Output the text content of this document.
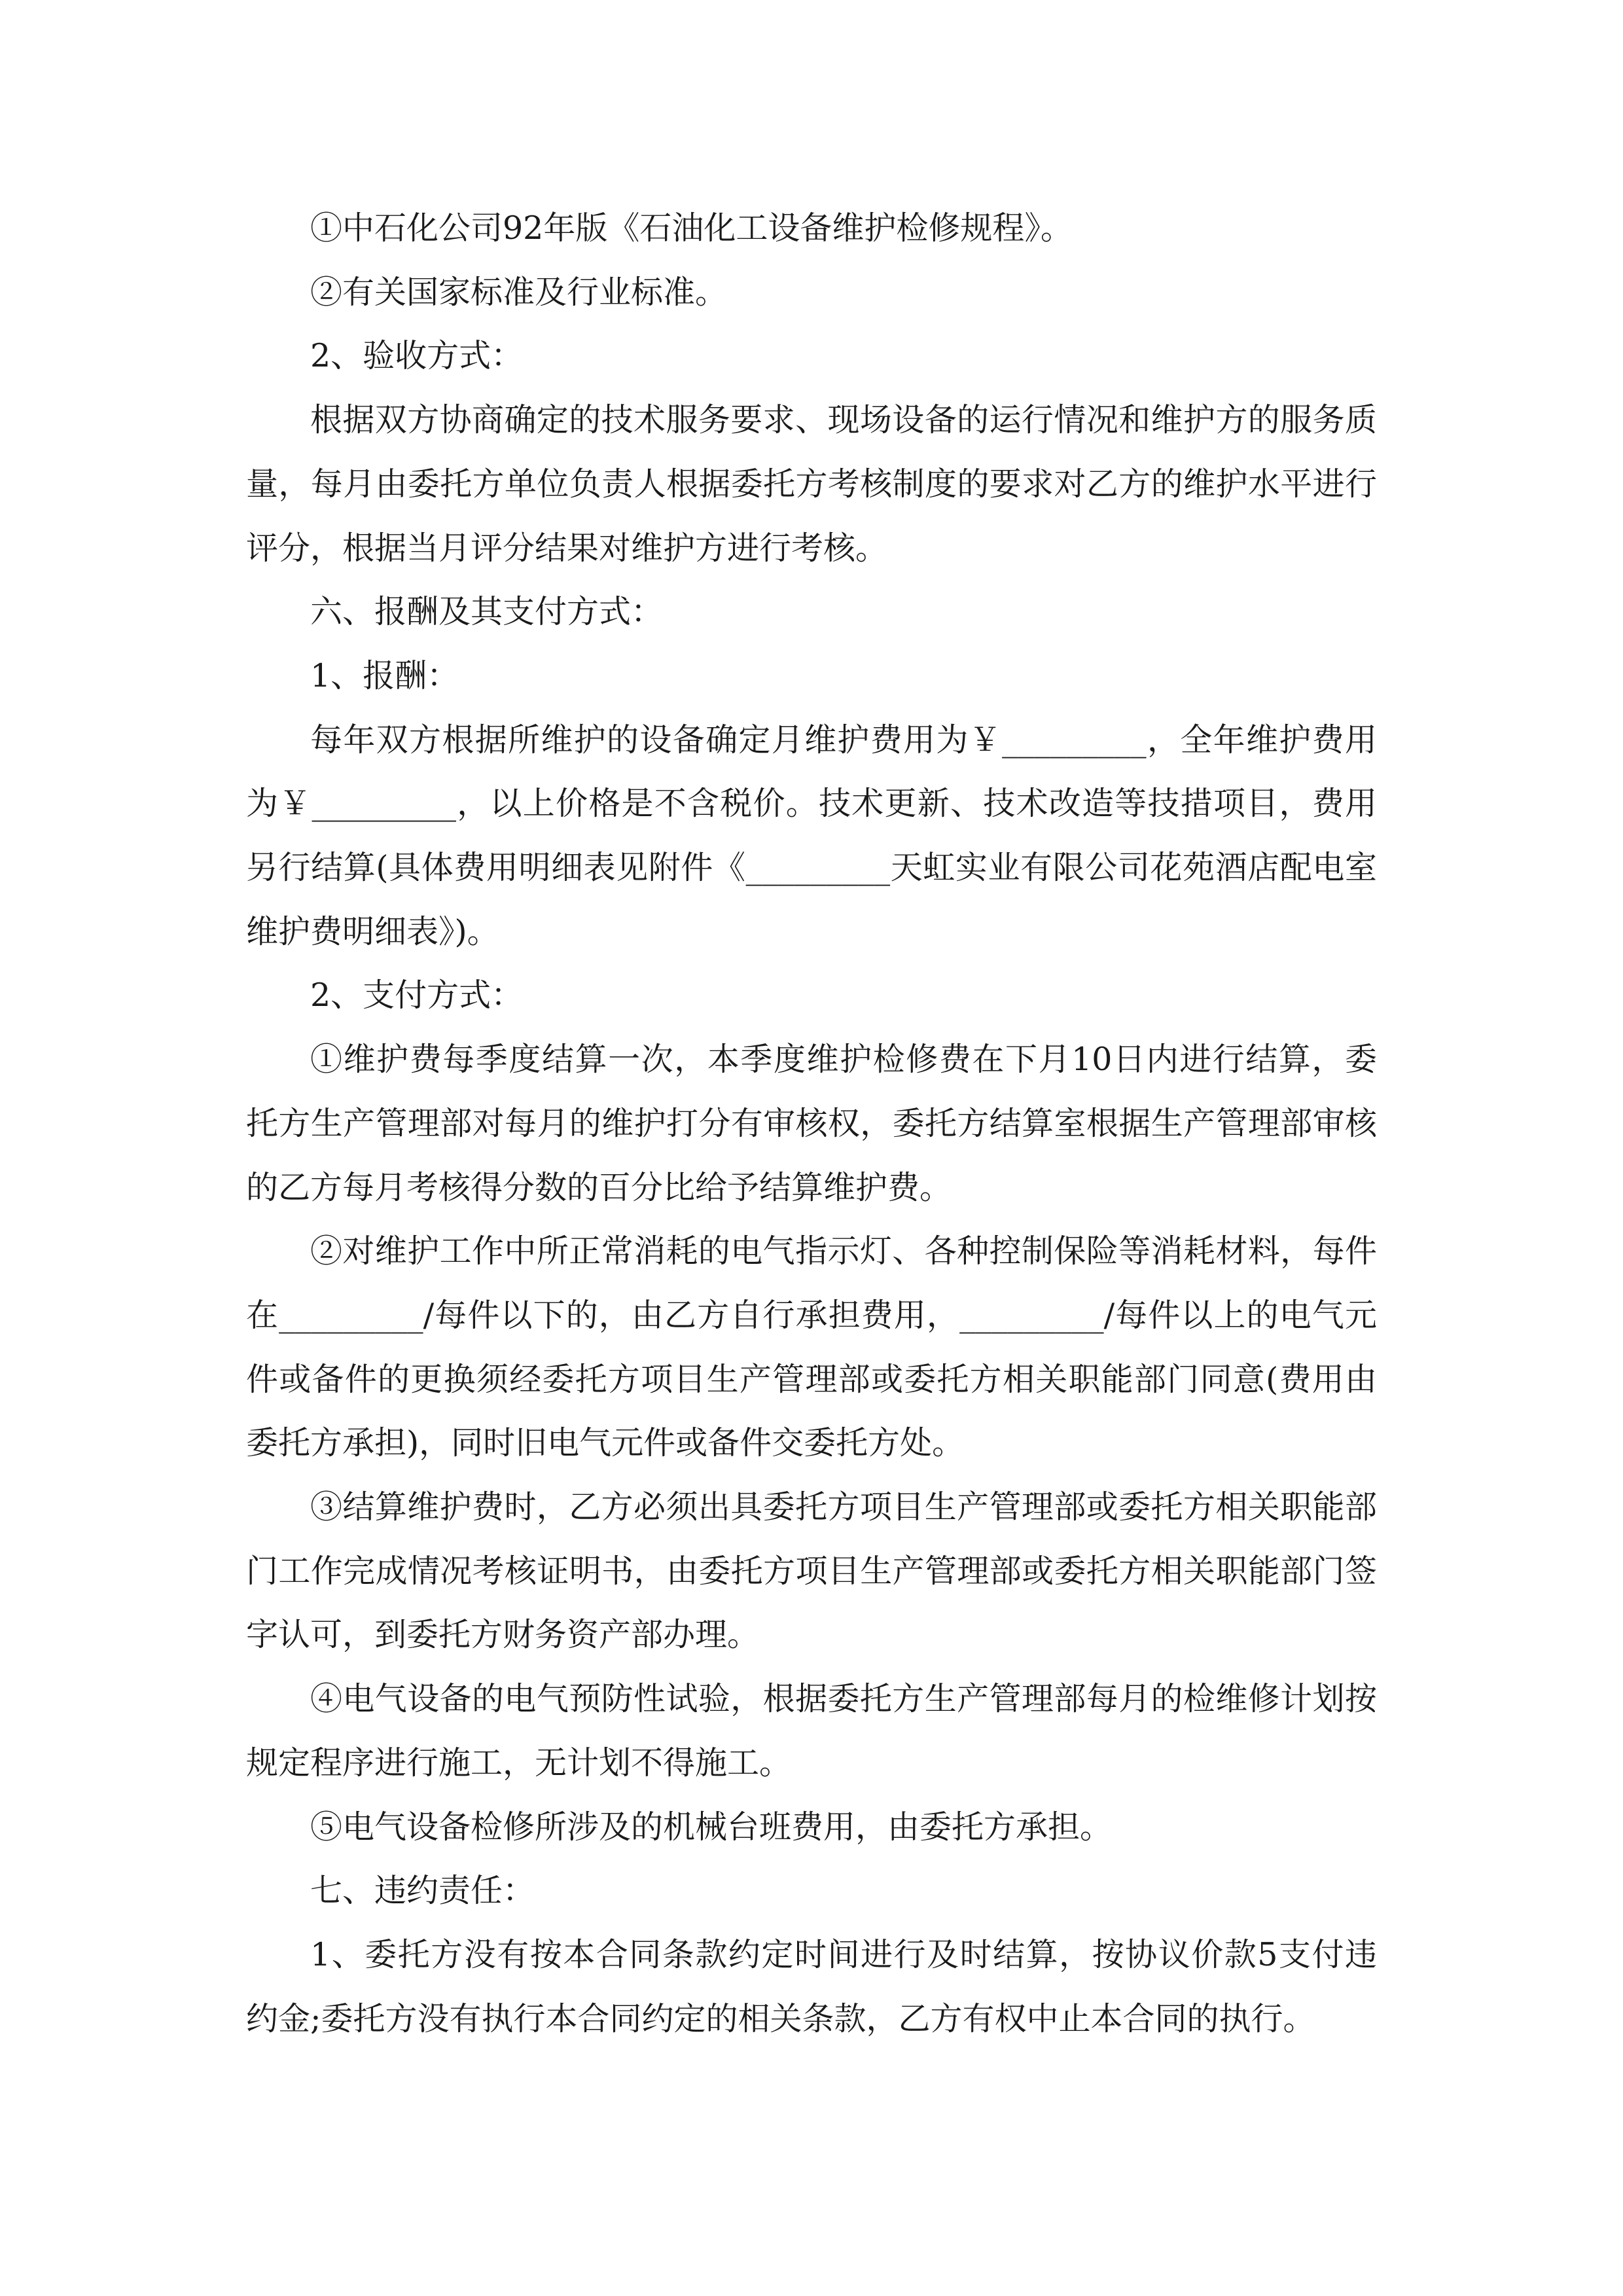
①中石化公司92年版《石油化工设备维护检修规程》。

②有关国家标准及行业标准。

2、验收方式：

根据双方协商确定的技术服务要求、现场设备的运行情况和维护方的服务质量，每月由委托方单位负责人根据委托方考核制度的要求对乙方的维护水平进行评分，根据当月评分结果对维护方进行考核。

六、报酬及其支付方式：

1、报酬：

每年双方根据所维护的设备确定月维护费用为￥_________，全年维护费用为￥_________，以上价格是不含税价。技术更新、技术改造等技措项目，费用另行结算(具体费用明细表见附件《_________天虹实业有限公司花苑酒店配电室维护费明细表》)。

2、支付方式：

①维护费每季度结算一次，本季度维护检修费在下月10日内进行结算，委托方生产管理部对每月的维护打分有审核权，委托方结算室根据生产管理部审核的乙方每月考核得分数的百分比给予结算维护费。

②对维护工作中所正常消耗的电气指示灯、各种控制保险等消耗材料，每件在_________/每件以下的，由乙方自行承担费用，_________/每件以上的电气元件或备件的更换须经委托方项目生产管理部或委托方相关职能部门同意(费用由委托方承担)，同时旧电气元件或备件交委托方处。

③结算维护费时，乙方必须出具委托方项目生产管理部或委托方相关职能部门工作完成情况考核证明书，由委托方项目生产管理部或委托方相关职能部门签字认可，到委托方财务资产部办理。

④电气设备的电气预防性试验，根据委托方生产管理部每月的检维修计划按规定程序进行施工，无计划不得施工。

⑤电气设备检修所涉及的机械台班费用，由委托方承担。

七、违约责任：

1、委托方没有按本合同条款约定时间进行及时结算，按协议价款5支付违约金;委托方没有执行本合同约定的相关条款，乙方有权中止本合同的执行。
